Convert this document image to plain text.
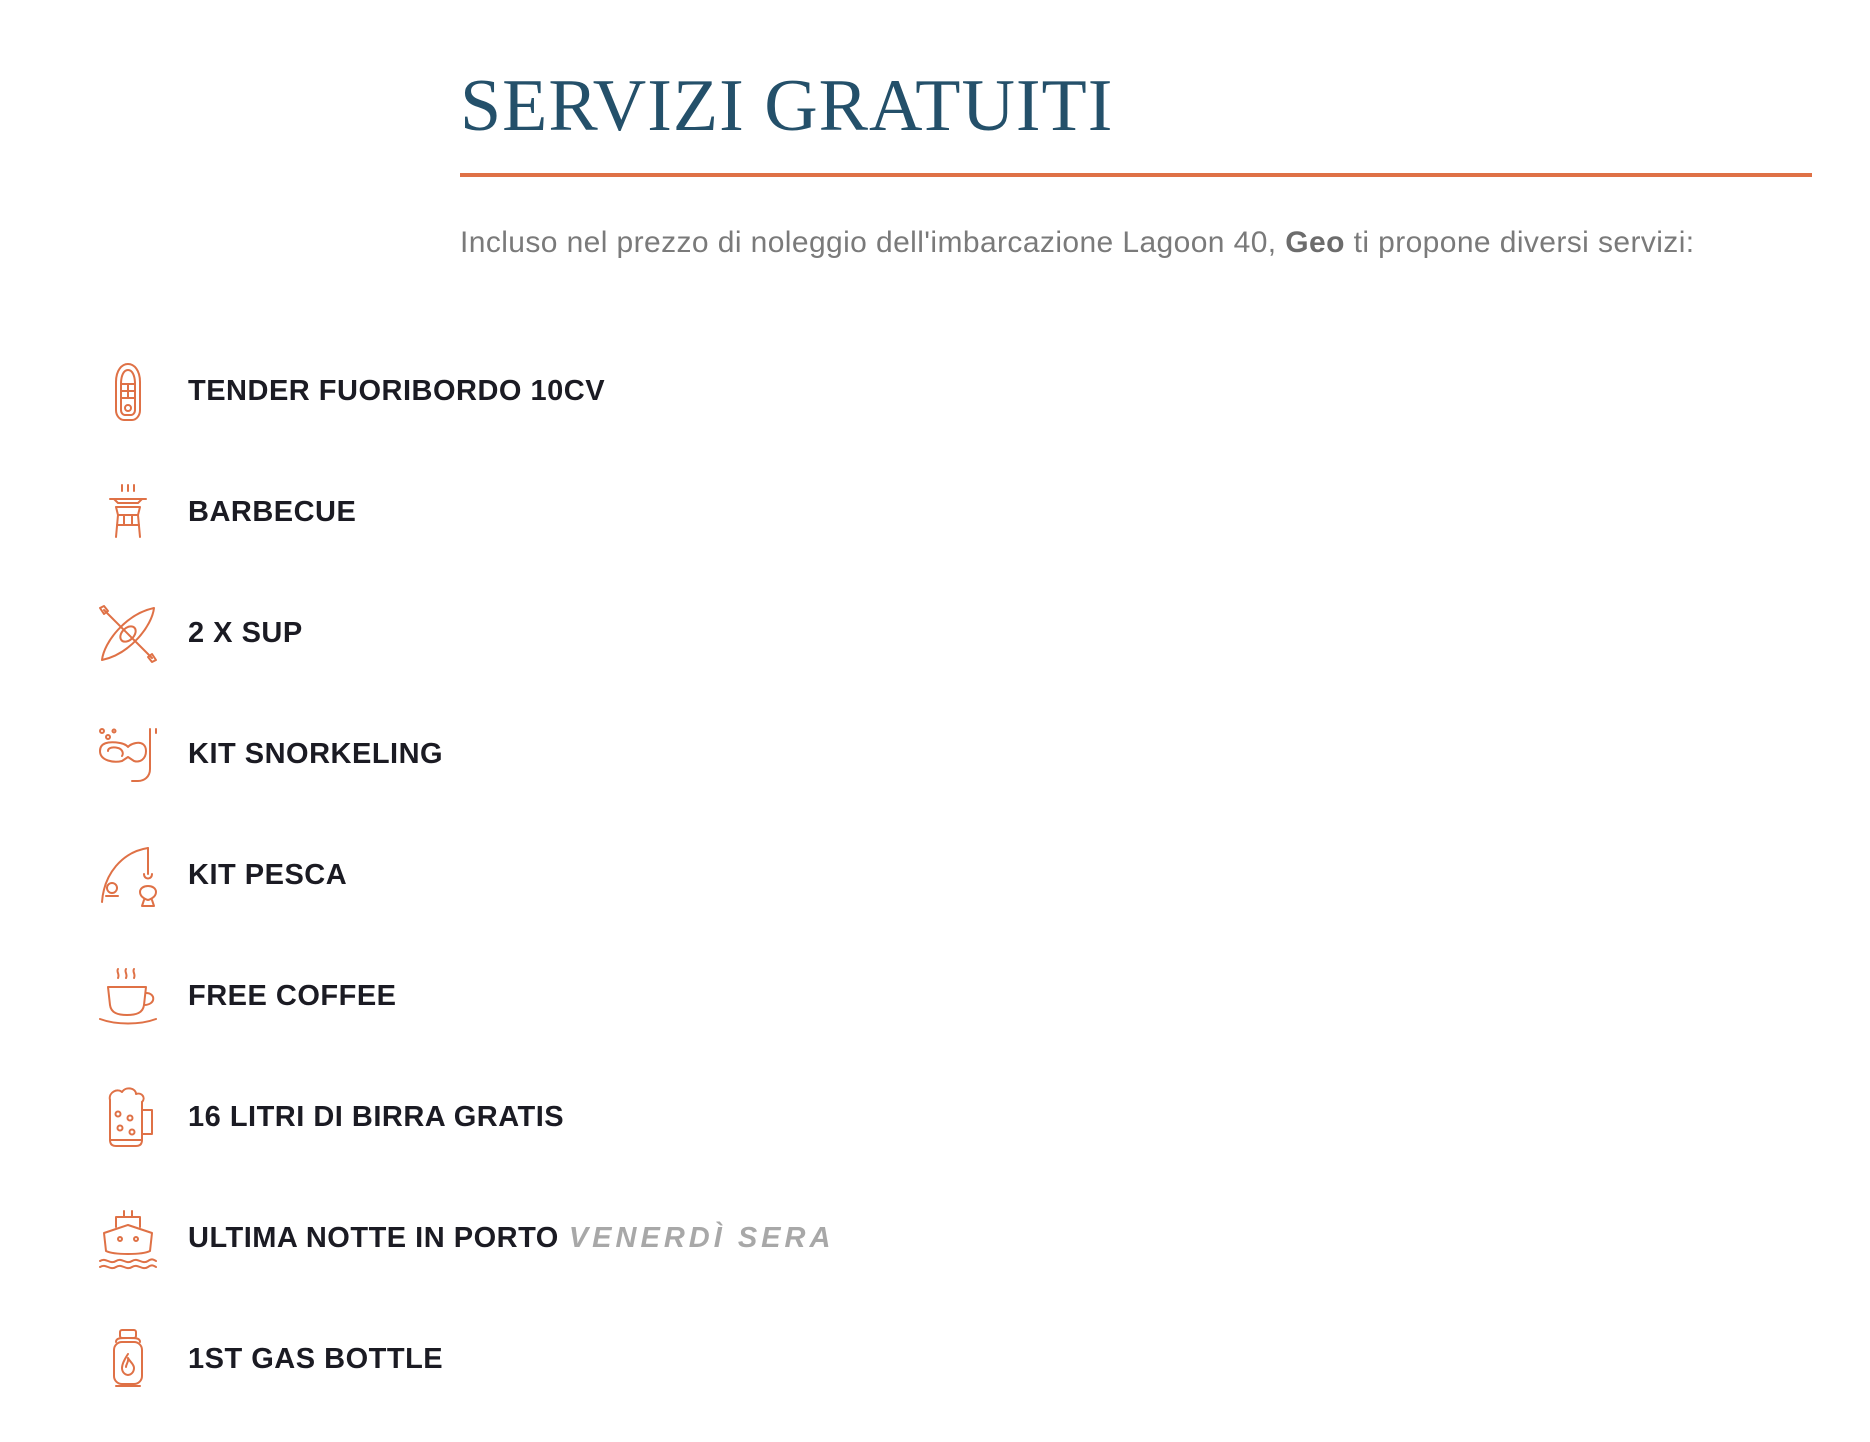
SERVIZI GRATUITI

Incluso nel prezzo di noleggio dell'imbarcazione Lagoon 40, Geo ti propone diversi servizi:

TENDER FUORIBORDO 10CV
BARBECUE
2 X SUP
KIT SNORKELING
KIT PESCA
FREE COFFEE
16 LITRI DI BIRRA GRATIS
ULTIMA NOTTE IN PORTO VENERDÌ SERA
1ST GAS BOTTLE
